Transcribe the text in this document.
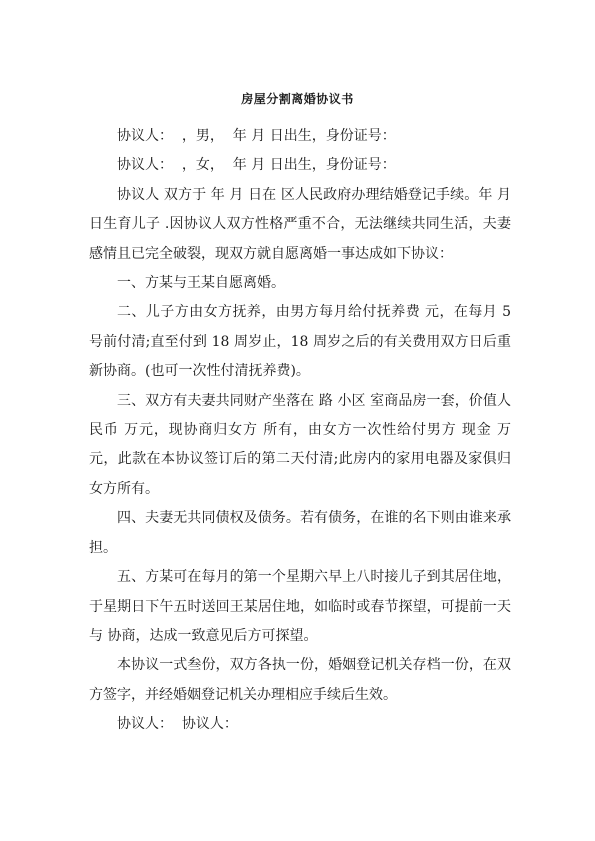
房屋分割离婚协议书

协议人：  ，男，  年 月 日出生，身份证号：

协议人：  ，女，  年 月 日出生，身份证号：

协议人 双方于 年 月 日在 区人民政府办理结婚登记手续。年 月 日生育儿子 .因协议人双方性格严重不合，无法继续共同生活，夫妻感情且已完全破裂，现双方就自愿离婚一事达成如下协议：

一、方某与王某自愿离婚。

二、儿子方由女方抚养，由男方每月给付抚养费 元，在每月 5 号前付清;直至付到 18 周岁止，18 周岁之后的有关费用双方日后重新协商。(也可一次性付清抚养费)。

三、双方有夫妻共同财产坐落在 路 小区 室商品房一套，价值人民币 万元，现协商归女方 所有，由女方一次性给付男方 现金 万元，此款在本协议签订后的第二天付清;此房内的家用电器及家俱归女方所有。

四、夫妻无共同债权及债务。若有债务，在谁的名下则由谁来承担。

五、方某可在每月的第一个星期六早上八时接儿子到其居住地，于星期日下午五时送回王某居住地，如临时或春节探望，可提前一天与 协商，达成一致意见后方可探望。

本协议一式叁份，双方各执一份，婚姻登记机关存档一份，在双方签字，并经婚姻登记机关办理相应手续后生效。

协议人：  协议人：
